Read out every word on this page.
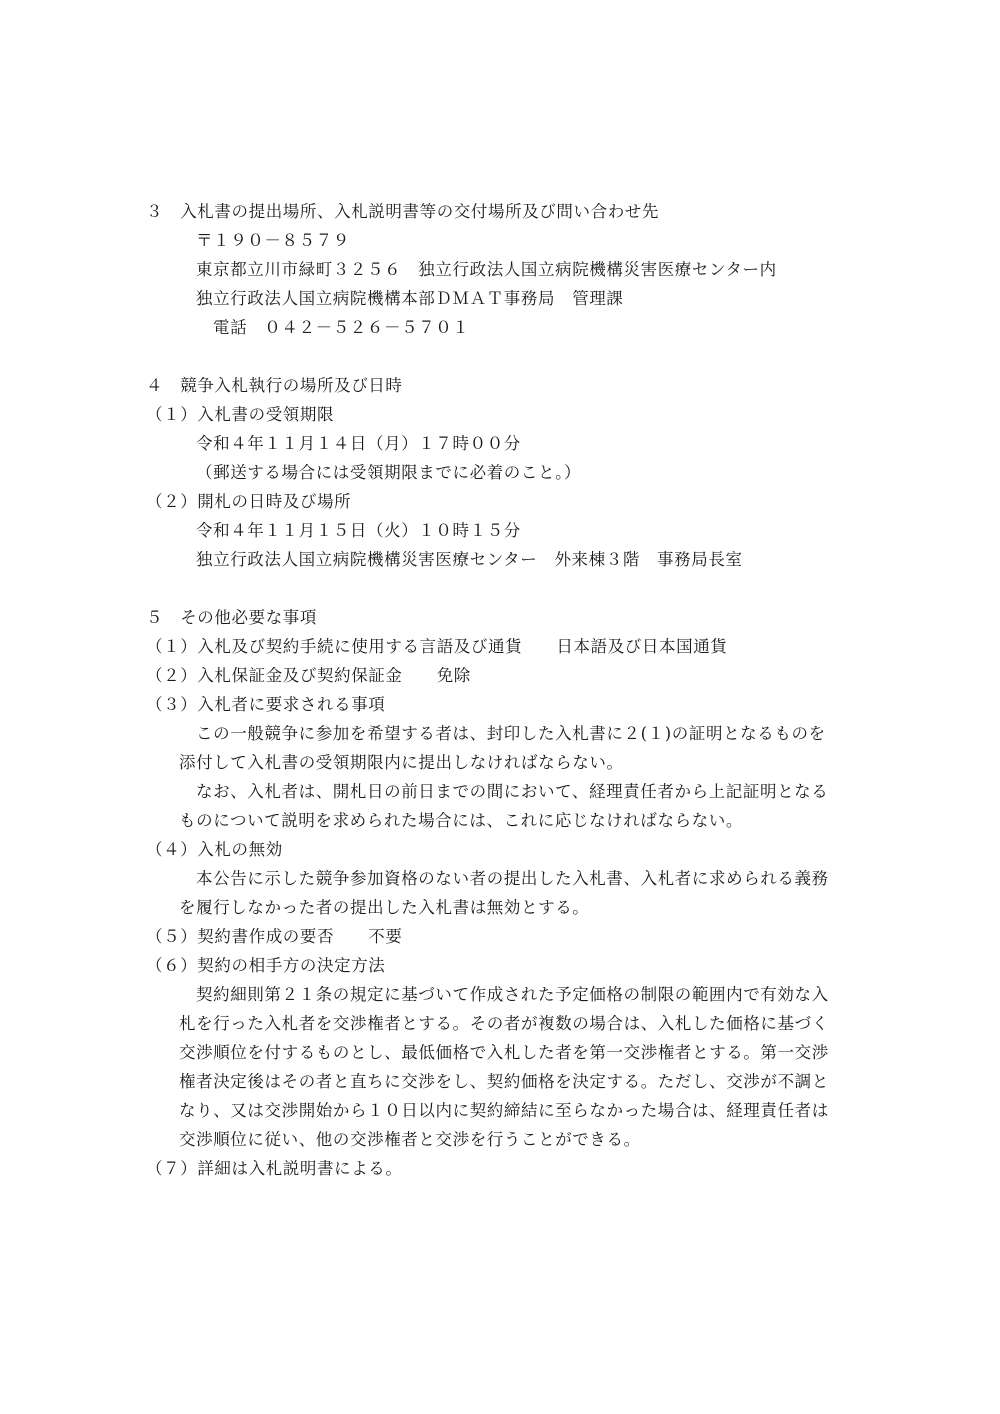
３　入札書の提出場所、入札説明書等の交付場所及び問い合わせ先
〒１９０－８５７９
東京都立川市緑町３２５６　独立行政法人国立病院機構災害医療センター内
独立行政法人国立病院機構本部ＤＭＡＴ事務局　管理課
電話　０４２－５２６－５７０１
４　競争入札執行の場所及び日時
（１）入札書の受領期限
令和４年１１月１４日（月）１７時００分
（郵送する場合には受領期限までに必着のこと。）
（２）開札の日時及び場所
令和４年１１月１５日（火）１０時１５分
独立行政法人国立病院機構災害医療センター　外来棟３階　事務局長室
５　その他必要な事項
（１）入札及び契約手続に使用する言語及び通貨　　日本語及び日本国通貨
（２）入札保証金及び契約保証金　　免除
（３）入札者に要求される事項
この一般競争に参加を希望する者は、封印した入札書に２(１)の証明となるものを
添付して入札書の受領期限内に提出しなければならない。
なお、入札者は、開札日の前日までの間において、経理責任者から上記証明となる
ものについて説明を求められた場合には、これに応じなければならない。
（４）入札の無効
本公告に示した競争参加資格のない者の提出した入札書、入札者に求められる義務
を履行しなかった者の提出した入札書は無効とする。
（５）契約書作成の要否　　不要
（６）契約の相手方の決定方法
契約細則第２１条の規定に基づいて作成された予定価格の制限の範囲内で有効な入
札を行った入札者を交渉権者とする。その者が複数の場合は、入札した価格に基づく
交渉順位を付するものとし、最低価格で入札した者を第一交渉権者とする。第一交渉
権者決定後はその者と直ちに交渉をし、契約価格を決定する。ただし、交渉が不調と
なり、又は交渉開始から１０日以内に契約締結に至らなかった場合は、経理責任者は
交渉順位に従い、他の交渉権者と交渉を行うことができる。
（７）詳細は入札説明書による。
